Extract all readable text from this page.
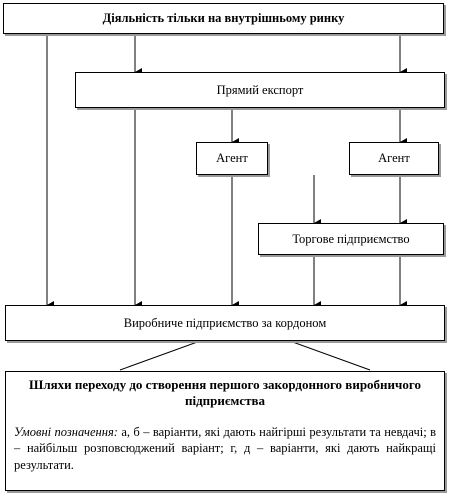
Діяльність тільки на внутрішньому ринку
Прямий експорт
Агент	Агент
Торгове підприємство
Виробниче підприємство за кордоном

Шляхи переходу до створення першого закордонного виробничого підприємства

Умовні позначення: а, б – варіанти, які дають найгірші результати та невдачі; в – найбільш розповсюджений варіант; г, д – варіанти, які дають найкращі результати.
